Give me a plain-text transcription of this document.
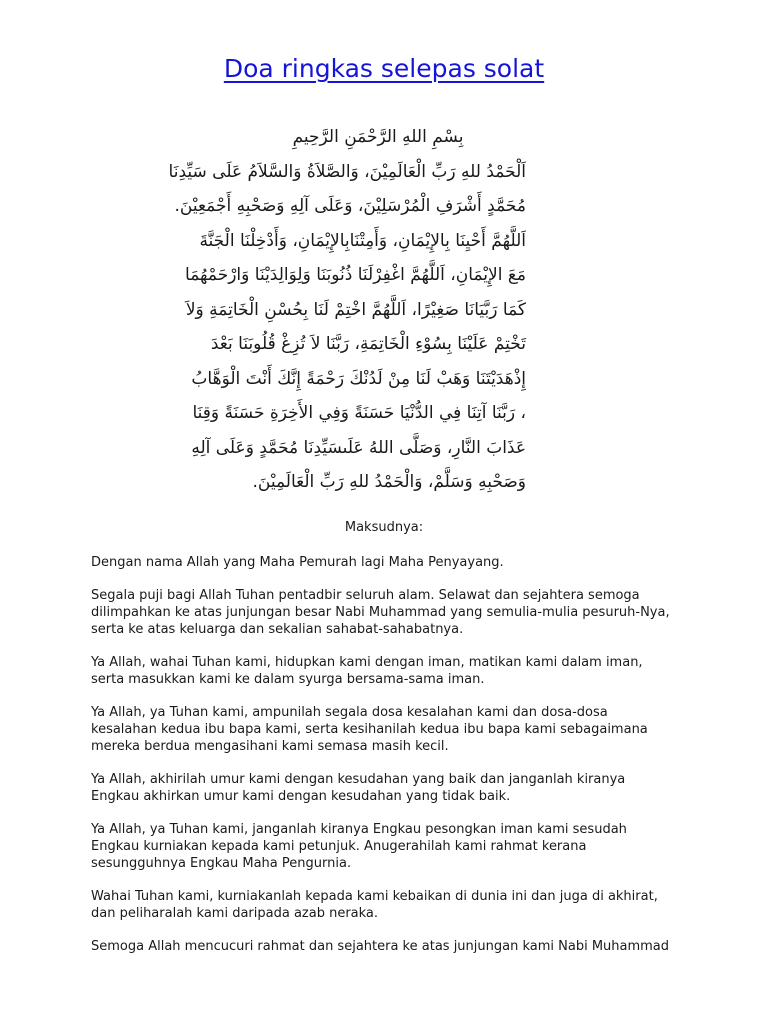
Doa ringkas selepas solat
بِسْمِ اللهِ الرَّحْمَنِ الرَّحِيمِ
اَلْحَمْدُ للهِ رَبِّ الْعَالَمِيْنَ، وَالصَّلاَةُ وَالسَّلاَمُ عَلَى سَيِّدِنَا
مُحَمَّدٍ أَشْرَفِ الْمُرْسَلِيْنَ، وَعَلَى آلِهِ وَصَحْبِهِ أَجْمَعِيْنَ.
اَللَّهُمَّ أَحْيِنَا بِالإِيْمَانِ، وَأَمِتْنَابِالإِيْمَانِ، وَأَدْخِلْنَا الْجَنَّةَ
مَعَ الإِيْمَانِ، اَللَّهُمَّ اغْفِرْلَنَا ذُنُوبَنَا وَلِوَالِدَيْنَا وَارْحَمْهُمَا
كَمَا رَبَّيَانَا صَغِيْرًا، اَللَّهُمَّ اخْتِمْ لَنَا بِحُسْنِ الْخَاتِمَةِ وَلاَ
تَخْتِمْ عَلَيْنَا بِسُوْءِ الْخَاتِمَةِ، رَبَّنَا لاَ تُزِغْ قُلُوبَنَا بَعْدَ
إِذْهَدَيْتَنَا وَهَبْ لَنَا مِنْ لَدُنْكَ رَحْمَةً إِنَّكَ أَنْتَ الْوَهَّابُ
، رَبَّنَا آتِنَا فِي الدُّنْيَا حَسَنَةً وَفِي الأَخِرَةِ حَسَنَةً وَقِنَا
عَذَابَ النَّارِ، وَصَلَّى اللهُ عَلَىسَيِّدِنَا مُحَمَّدٍ وَعَلَى آلِهِ
وَصَحْبِهِ وَسَلَّمْ، وَالْحَمْدُ للهِ رَبِّ الْعَالَمِيْنَ.
Maksudnya:

Dengan nama Allah yang Maha Pemurah lagi Maha Penyayang.

Segala puji bagi Allah Tuhan pentadbir seluruh alam. Selawat dan sejahtera semoga
dilimpahkan ke atas junjungan besar Nabi Muhammad yang semulia-mulia pesuruh-Nya,
serta ke atas keluarga dan sekalian sahabat-sahabatnya.

Ya Allah, wahai Tuhan kami, hidupkan kami dengan iman, matikan kami dalam iman,
serta masukkan kami ke dalam syurga bersama-sama iman.

Ya Allah, ya Tuhan kami, ampunilah segala dosa kesalahan kami dan dosa-dosa
kesalahan kedua ibu bapa kami, serta kesihanilah kedua ibu bapa kami sebagaimana
mereka berdua mengasihani kami semasa masih kecil.

Ya Allah, akhirilah umur kami dengan kesudahan yang baik dan janganlah kiranya
Engkau akhirkan umur kami dengan kesudahan yang tidak baik.

Ya Allah, ya Tuhan kami, janganlah kiranya Engkau pesongkan iman kami sesudah
Engkau kurniakan kepada kami petunjuk. Anugerahilah kami rahmat kerana
sesungguhnya Engkau Maha Pengurnia.

Wahai Tuhan kami, kurniakanlah kepada kami kebaikan di dunia ini dan juga di akhirat,
dan peliharalah kami daripada azab neraka.

Semoga Allah mencucuri rahmat dan sejahtera ke atas junjungan kami Nabi Muhammad
